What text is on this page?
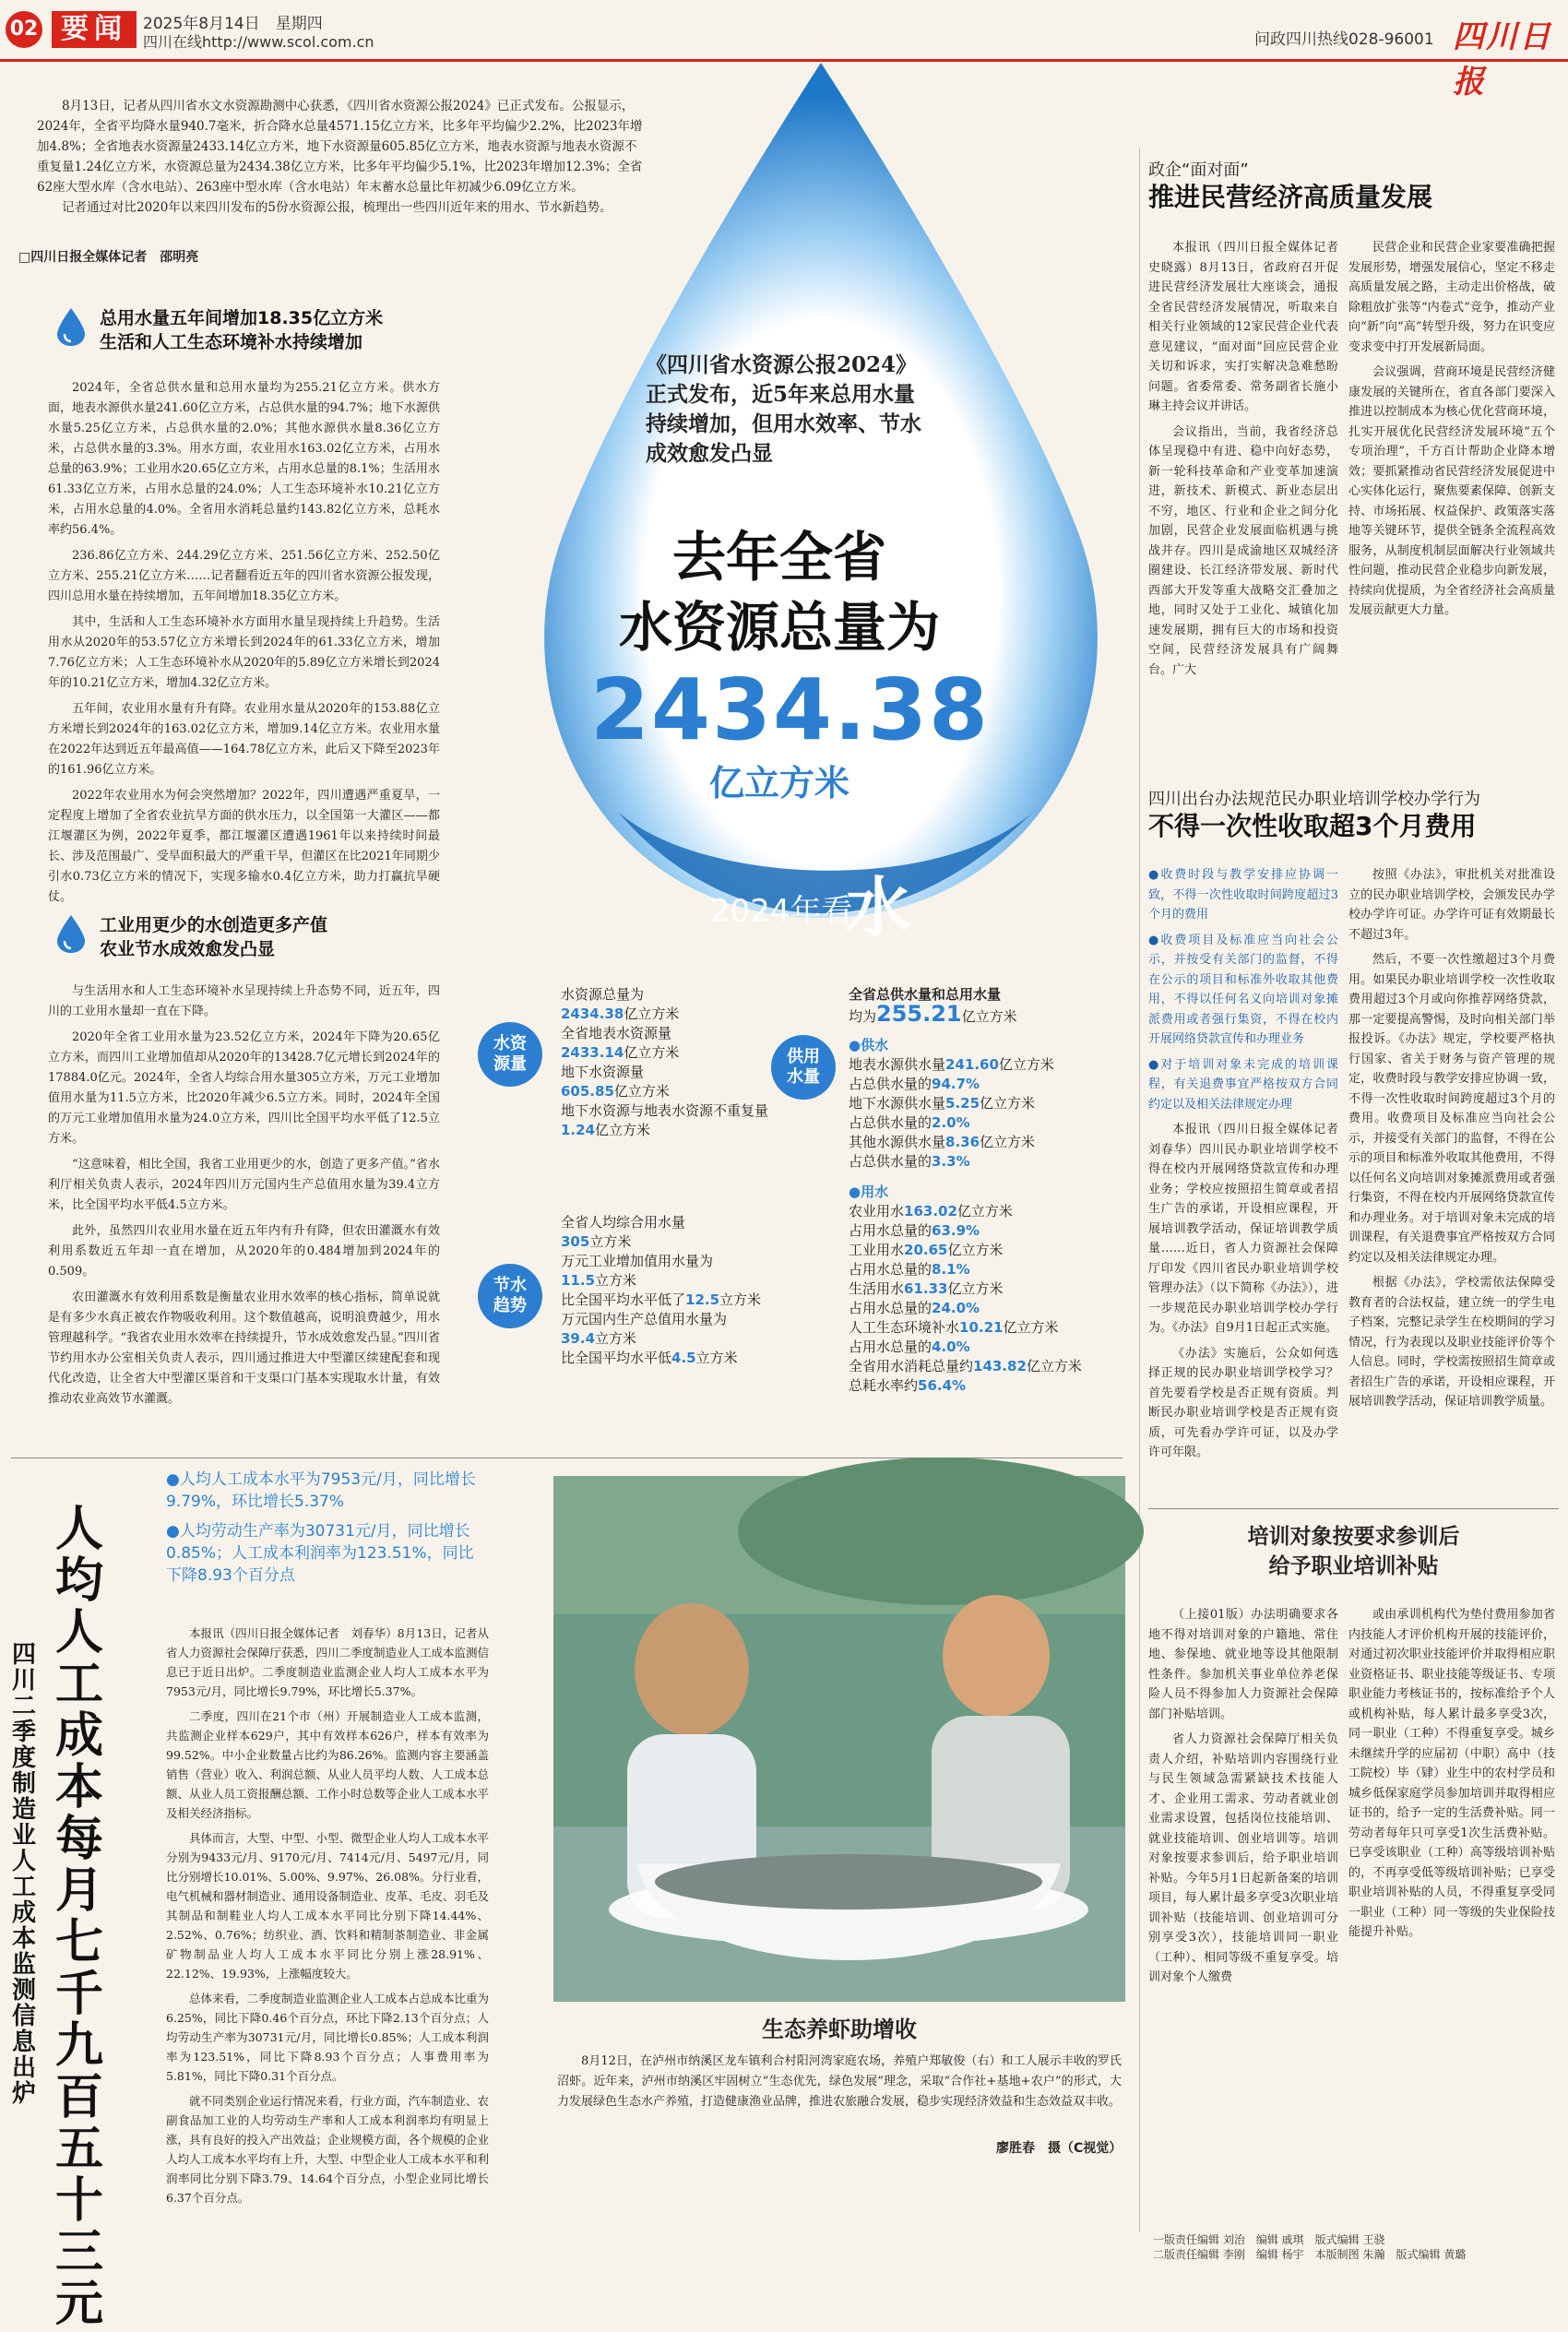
02 要闻	2025年8月14日　星期四
四川在线http://www.scol.com.cn	问政四川热线028-96001 四川日报

8月13日，记者从四川省水文水资源勘测中心获悉，《四川省水资源公报2024》已正式发布。公报显示，2024年，全省平均降水量940.7毫米，折合降水总量4571.15亿立方米，比多年平均偏少2.2%，比2023年增加4.8%；全省地表水资源量2433.14亿立方米，地下水资源量605.85亿立方米，地表水资源与地表水资源不重复量1.24亿立方米，水资源总量为2434.38亿立方米，比多年平均偏少5.1%，比2023年增加12.3%；全省62座大型水库（含水电站）、263座中型水库（含水电站）年末蓄水总量比年初减少6.09亿立方米。

记者通过对比2020年以来四川发布的5份水资源公报，梳理出一些四川近年来的用水、节水新趋势。

□四川日报全媒体记者　邵明亮
《四川省水资源公报2024》正式发布，近5年来总用水量持续增加，但用水效率、节水成效愈发凸显
去年全省
水资源总量为
2434.38
亿立方米
2024年看
水
总用水量五年间增加18.35亿立方米
生活和人工生态环境补水持续增加

2024年，全省总供水量和总用水量均为255.21亿立方米。供水方面，地表水源供水量241.60亿立方米，占总供水量的94.7%；地下水源供水量5.25亿立方米，占总供水量的2.0%；其他水源供水量8.36亿立方米，占总供水量的3.3%。用水方面，农业用水163.02亿立方米，占用水总量的63.9%；工业用水20.65亿立方米，占用水总量的8.1%；生活用水61.33亿立方米，占用水总量的24.0%；人工生态环境补水10.21亿立方米，占用水总量的4.0%。全省用水消耗总量约143.82亿立方米，总耗水率约56.4%。

236.86亿立方米、244.29亿立方米、251.56亿立方米、252.50亿立方米、255.21亿立方米……记者翻看近五年的四川省水资源公报发现，四川总用水量在持续增加，五年间增加18.35亿立方米。

其中，生活和人工生态环境补水方面用水量呈现持续上升趋势。生活用水从2020年的53.57亿立方米增长到2024年的61.33亿立方米，增加7.76亿立方米；人工生态环境补水从2020年的5.89亿立方米增长到2024年的10.21亿立方米，增加4.32亿立方米。

五年间，农业用水量有升有降。农业用水量从2020年的153.88亿立方米增长到2024年的163.02亿立方米，增加9.14亿立方米。农业用水量在2022年达到近五年最高值——164.78亿立方米，此后又下降至2023年的161.96亿立方米。

2022年农业用水为何会突然增加？2022年，四川遭遇严重夏旱，一定程度上增加了全省农业抗旱方面的供水压力，以全国第一大灌区——都江堰灌区为例，2022年夏季，都江堰灌区遭遇1961年以来持续时间最长、涉及范围最广、受旱面积最大的严重干旱，但灌区在比2021年同期少引水0.73亿立方米的情况下，实现多输水0.4亿立方米，助力打赢抗旱硬仗。

工业用更少的水创造更多产值
农业节水成效愈发凸显

与生活用水和人工生态环境补水呈现持续上升态势不同，近五年，四川的工业用水量却一直在下降。

2020年全省工业用水量为23.52亿立方米，2024年下降为20.65亿立方米，而四川工业增加值却从2020年的13428.7亿元增长到2024年的17884.0亿元。2024年，全省人均综合用水量305立方米，万元工业增加值用水量为11.5立方米，比2020年减少6.5立方米。同时，2024年全国的万元工业增加值用水量为24.0立方米，四川比全国平均水平低了12.5立方米。

“这意味着，相比全国，我省工业用更少的水，创造了更多产值。”省水利厅相关负责人表示，2024年四川万元国内生产总值用水量为39.4立方米，比全国平均水平低4.5立方米。

此外，虽然四川农业用水量在近五年内有升有降，但农田灌溉水有效利用系数近五年却一直在增加，从2020年的0.484增加到2024年的0.509。

农田灌溉水有效利用系数是衡量农业用水效率的核心指标，简单说就是有多少水真正被农作物吸收利用。这个数值越高，说明浪费越少，用水管理越科学。“我省农业用水效率在持续提升，节水成效愈发凸显。”四川省节约用水办公室相关负责人表示，四川通过推进大中型灌区续建配套和现代化改造，让全省大中型灌区渠首和干支渠口门基本实现取水计量，有效推动农业高效节水灌溉。

水资
源量
水资源总量为
2434.38亿立方米
全省地表水资源量
2433.14亿立方米
地下水资源量
605.85亿立方米
地下水资源与地表水资源不重复量
1.24亿立方米
节水
趋势
全省人均综合用水量
305立方米
万元工业增加值用水量为
11.5立方米
比全国平均水平低了12.5立方米
万元国内生产总值用水量为
39.4立方米
比全国平均水平低4.5立方米
供用
水量
全省总供水量和总用水量
均为255.21亿立方米
●供水
地表水源供水量241.60亿立方米
占总供水量的94.7%
地下水源供水量5.25亿立方米
占总供水量的2.0%
其他水源供水量8.36亿立方米
占总供水量的3.3%
●用水
农业用水163.02亿立方米
占用水总量的63.9%
工业用水20.65亿立方米
占用水总量的8.1%
生活用水61.33亿立方米
占用水总量的24.0%
人工生态环境补水10.21亿立方米
占用水总量的4.0%
全省用水消耗总量约143.82亿立方米
总耗水率约56.4%
政企“面对面”
推进民营经济高质量发展

本报讯（四川日报全媒体记者　史晓露）8月13日，省政府召开促进民营经济发展壮大座谈会，通报全省民营经济发展情况，听取来自相关行业领域的12家民营企业代表意见建议，“面对面”回应民营企业关切和诉求，实打实解决急难愁盼问题。省委常委、常务副省长施小琳主持会议并讲话。

会议指出，当前，我省经济总体呈现稳中有进、稳中向好态势，新一轮科技革命和产业变革加速演进，新技术、新模式、新业态层出不穷，地区、行业和企业之间分化加剧，民营企业发展面临机遇与挑战并存。四川是成渝地区双城经济圈建设、长江经济带发展、新时代西部大开发等重大战略交汇叠加之地，同时又处于工业化、城镇化加速发展期，拥有巨大的市场和投资空间，民营经济发展具有广阔舞台。广大

民营企业和民营企业家要准确把握发展形势，增强发展信心，坚定不移走高质量发展之路，主动走出价格战，破除粗放扩张等“内卷式”竞争，推动产业向“新”向“高”转型升级，努力在识变应变求变中打开发展新局面。

会议强调，营商环境是民营经济健康发展的关键所在，省直各部门要深入推进以控制成本为核心优化营商环境，扎实开展优化民营经济发展环境“五个专项治理”，千方百计帮助企业降本增效；要抓紧推动省民营经济发展促进中心实体化运行，聚焦要素保障、创新支持、市场拓展、权益保护、政策落实落地等关键环节，提供全链条全流程高效服务，从制度机制层面解决行业领域共性问题，推动民营企业稳步向新发展，持续向优提质，为全省经济社会高质量发展贡献更大力量。

四川出台办法规范民办职业培训学校办学行为
不得一次性收取超3个月费用
●收费时段与教学安排应协调一致，不得一次性收取时间跨度超过3个月的费用
●收费项目及标准应当向社会公示，并按受有关部门的监督，不得在公示的项目和标准外收取其他费用，不得以任何名义向培训对象摊派费用或者强行集资，不得在校内开展网络贷款宣传和办理业务
●对于培训对象未完成的培训课程，有关退费事宜严格按双方合同约定以及相关法律规定办理

本报讯（四川日报全媒体记者　刘春华）四川民办职业培训学校不得在校内开展网络贷款宣传和办理业务；学校应按照招生简章或者招生广告的承诺，开设相应课程，开展培训教学活动，保证培训教学质量……近日，省人力资源社会保障厅印发《四川省民办职业培训学校管理办法》（以下简称《办法》），进一步规范民办职业培训学校办学行为。《办法》自9月1日起正式实施。

《办法》实施后，公众如何选择正规的民办职业培训学校学习？首先要看学校是否正规有资质。判断民办职业培训学校是否正规有资质，可先看办学许可证，以及办学许可年限。

按照《办法》，审批机关对批准设立的民办职业培训学校，会颁发民办学校办学许可证。办学许可证有效期最长不超过3年。

然后，不要一次性缴超过3个月费用。如果民办职业培训学校一次性收取费用超过3个月或向你推荐网络贷款，那一定要提高警惕，及时向相关部门举报投诉。《办法》规定，学校要严格执行国家、省关于财务与资产管理的规定，收费时段与教学安排应协调一致，不得一次性收取时间跨度超过3个月的费用。收费项目及标准应当向社会公示，并接受有关部门的监督，不得在公示的项目和标准外收取其他费用，不得以任何名义向培训对象摊派费用或者强行集资，不得在校内开展网络贷款宣传和办理业务。对于培训对象未完成的培训课程，有关退费事宜严格按双方合同约定以及相关法律规定办理。

根据《办法》，学校需依法保障受教育者的合法权益，建立统一的学生电子档案，完整记录学生在校期间的学习情况，行为表现以及职业技能评价等个人信息。同时，学校需按照招生简章或者招生广告的承诺，开设相应课程，开展培训教学活动，保证培训教学质量。

培训对象按要求参训后
给予职业培训补贴

（上接01版）办法明确要求各地不得对培训对象的户籍地、常住地、参保地、就业地等设其他限制性条件。参加机关事业单位养老保险人员不得参加人力资源社会保障部门补贴培训。

省人力资源社会保障厅相关负责人介绍，补贴培训内容围绕行业与民生领域急需紧缺技术技能人才、企业用工需求、劳动者就业创业需求设置，包括岗位技能培训、就业技能培训、创业培训等。培训对象按要求参训后，给予职业培训补贴。今年5月1日起新备案的培训项目，每人累计最多享受3次职业培训补贴（技能培训、创业培训可分别享受3次），技能培训同一职业（工种）、相同等级不重复享受。培训对象个人缴费

或由承训机构代为垫付费用参加省内技能人才评价机构开展的技能评价，对通过初次职业技能评价并取得相应职业资格证书、职业技能等级证书、专项职业能力考核证书的，按标准给予个人或机构补贴，每人累计最多享受3次，同一职业（工种）不得重复享受。城乡未继续升学的应届初（中职）高中（技工院校）毕（肄）业生中的农村学员和城乡低保家庭学员参加培训并取得相应证书的，给予一定的生活费补贴。同一劳动者每年只可享受1次生活费补贴。已享受该职业（工种）高等级培训补贴的，不再享受低等级培训补贴；已享受职业培训补贴的人员，不得重复享受同一职业（工种）同一等级的失业保险技能提升补贴。

人
均
人
工
成
本
每
月
七
千
九
百
五
十
三
元
四
川
二
季
度
制
造
业
人
工
成
本
监
测
信
息
出
炉
●人均人工成本水平为7953元/月，同比增长9.79%，环比增长5.37%
●人均劳动生产率为30731元/月，同比增长0.85%；人工成本利润率为123.51%，同比下降8.93个百分点

本报讯（四川日报全媒体记者　刘春华）8月13日，记者从省人力资源社会保障厅获悉，四川二季度制造业人工成本监测信息已于近日出炉。二季度制造业监测企业人均人工成本水平为7953元/月，同比增长9.79%，环比增长5.37%。

二季度，四川在21个市（州）开展制造业人工成本监测，共监测企业样本629户，其中有效样本626户，样本有效率为99.52%。中小企业数量占比约为86.26%。监测内容主要涵盖销售（营业）收入、利润总额、从业人员平均人数、人工成本总额、从业人员工资报酬总额、工作小时总数等企业人工成本水平及相关经济指标。

具体而言，大型、中型、小型、微型企业人均人工成本水平分别为9433元/月、9170元/月、7414元/月、5497元/月，同比分别增长10.01%、5.00%、9.97%、26.08%。分行业看，电气机械和器材制造业、通用设备制造业、皮革、毛皮、羽毛及其制品和制鞋业人均人工成本水平同比分别下降14.44%、2.52%、0.76%；纺织业、酒、饮料和精制茶制造业、非金属矿物制品业人均人工成本水平同比分别上涨28.91%、22.12%、19.93%，上涨幅度较大。

总体来看，二季度制造业监测企业人工成本占总成本比重为6.25%，同比下降0.46个百分点，环比下降2.13个百分点；人均劳动生产率为30731元/月，同比增长0.85%；人工成本利润率为123.51%，同比下降8.93个百分点；人事费用率为5.81%，同比下降0.31个百分点。

就不同类别企业运行情况来看，行业方面，汽车制造业、农副食品加工业的人均劳动生产率和人工成本利润率均有明显上涨，具有良好的投入产出效益；企业规模方面，各个规模的企业人均人工成本水平均有上升，大型、中型企业人工成本水平和利润率同比分别下降3.79、14.64个百分点，小型企业同比增长6.37个百分点。

生态养虾助增收

8月12日，在泸州市纳溪区龙车镇利合村阳河湾家庭农场，养殖户郑敏俊（右）和工人展示丰收的罗氏沼虾。近年来，泸州市纳溪区牢固树立“生态优先，绿色发展”理念，采取“合作社+基地+农户”的形式，大力发展绿色生态水产养殖，打造健康渔业品牌，推进农旅融合发展，稳步实现经济效益和生态效益双丰收。

廖胜春　摄（C视觉）
一版责任编辑 刘治　编辑 戚琪　版式编辑 王骁
二版责任编辑 李刚　编辑 杨宇　本版制图 朱瀚　版式编辑 黄璐
